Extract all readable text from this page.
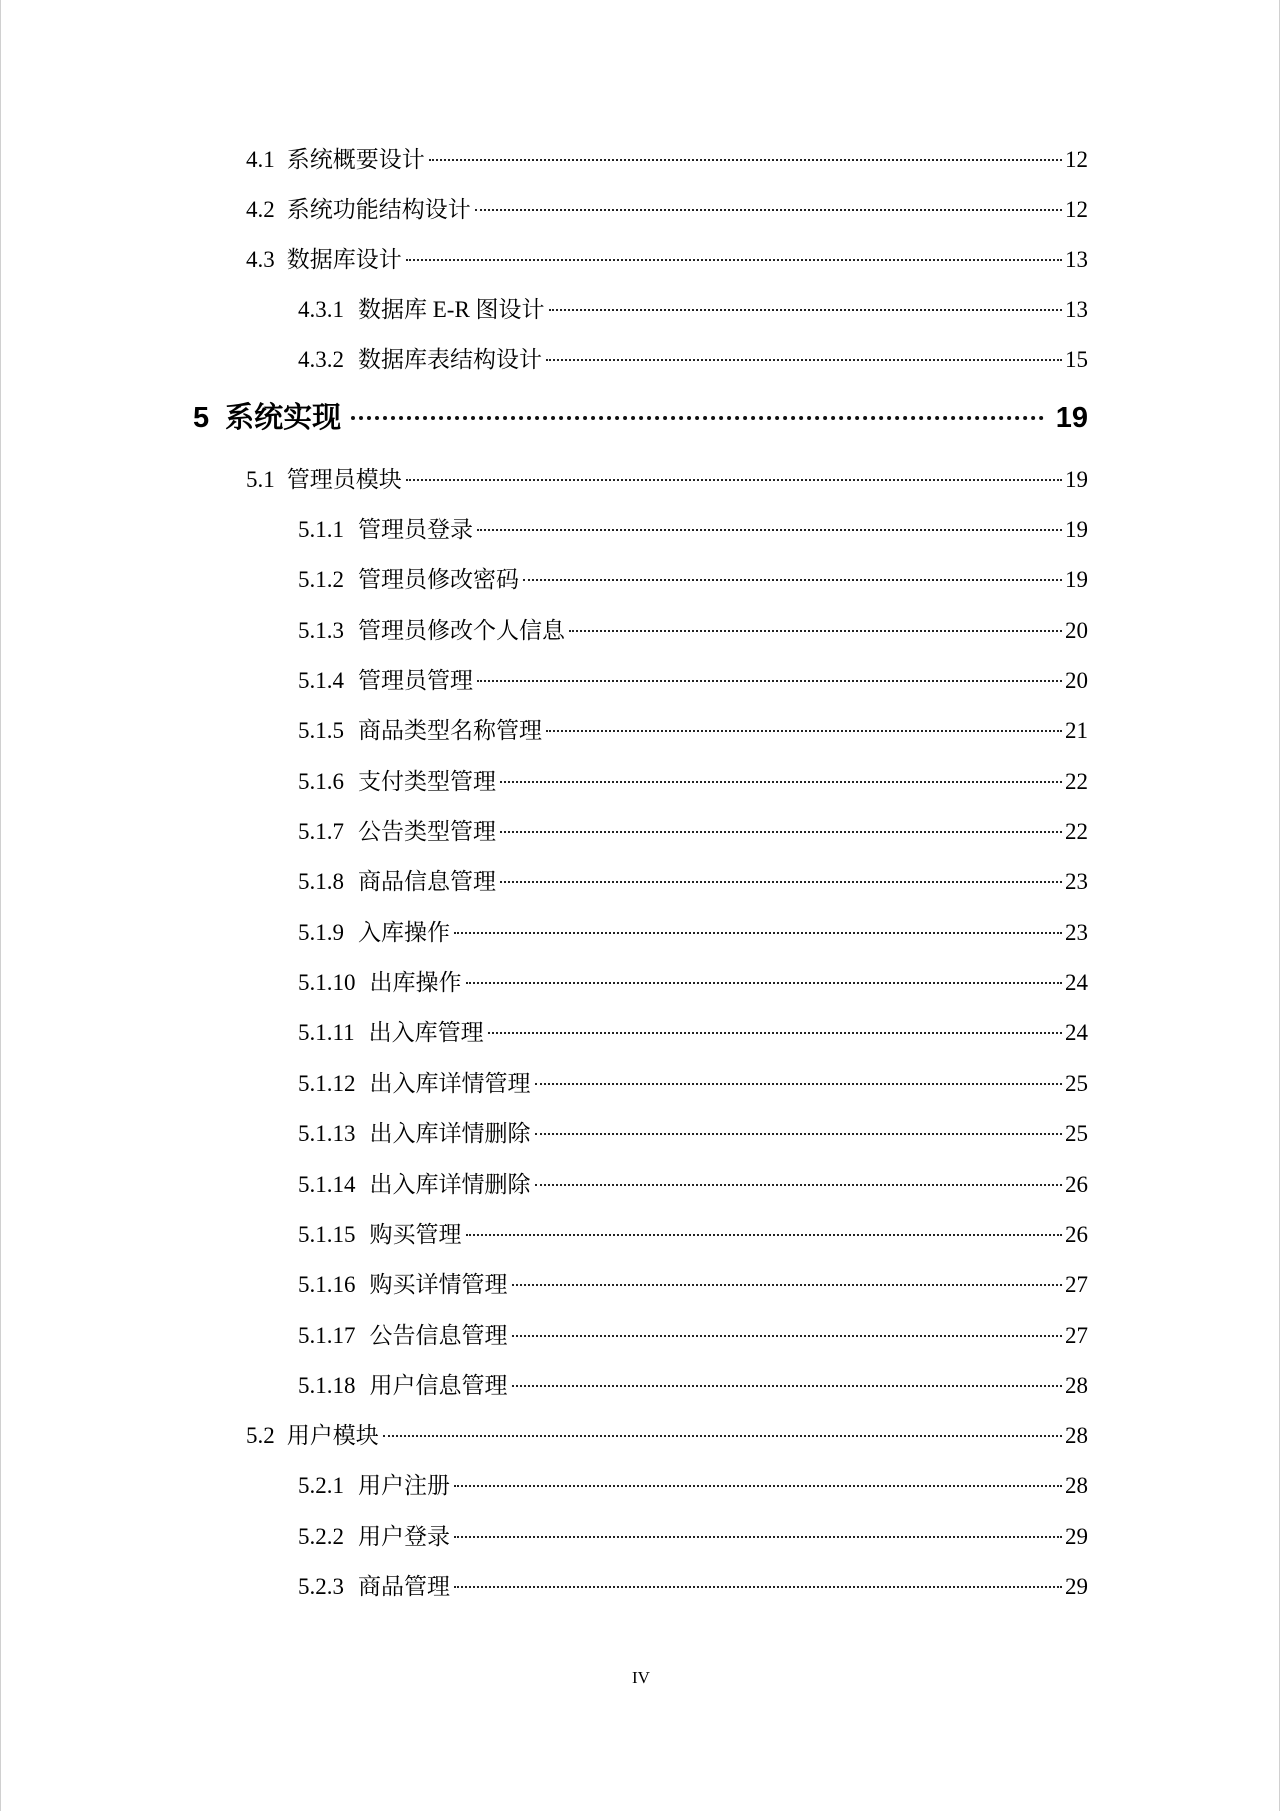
4.1 系统概要设计	12
4.2 系统功能结构设计	12
4.3 数据库设计	13
4.3.1 数据库 E-R 图设计	13
4.3.2 数据库表结构设计	15
5 系统实现	19
5.1 管理员模块	19
5.1.1 管理员登录	19
5.1.2 管理员修改密码	19
5.1.3 管理员修改个人信息	20
5.1.4 管理员管理	20
5.1.5 商品类型名称管理	21
5.1.6 支付类型管理	22
5.1.7 公告类型管理	22
5.1.8 商品信息管理	23
5.1.9 入库操作	23
5.1.10 出库操作	24
5.1.11 出入库管理	24
5.1.12 出入库详情管理	25
5.1.13 出入库详情删除	25
5.1.14 出入库详情删除	26
5.1.15 购买管理	26
5.1.16 购买详情管理	27
5.1.17 公告信息管理	27
5.1.18 用户信息管理	28
5.2 用户模块	28
5.2.1 用户注册	28
5.2.2 用户登录	29
5.2.3 商品管理	29
IV
